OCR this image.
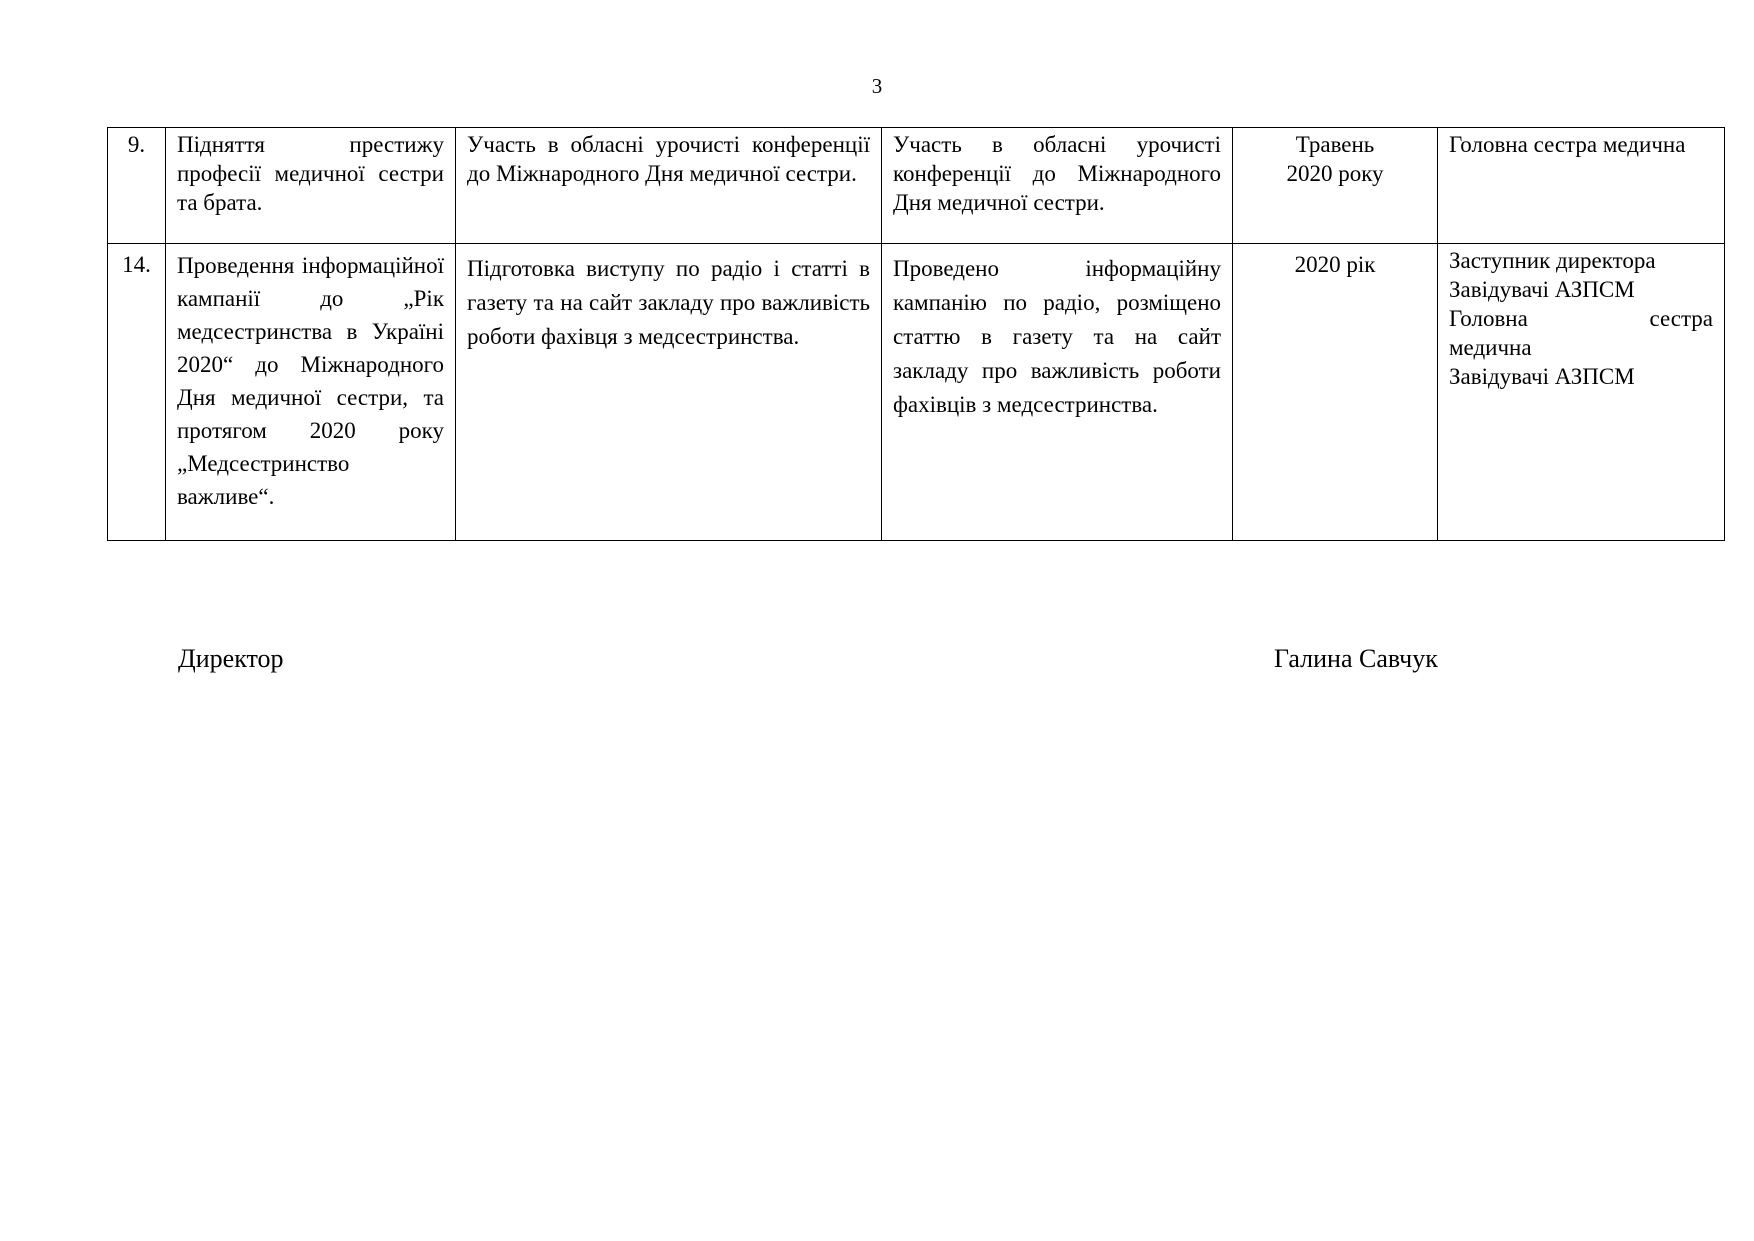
3
9.	Підняття престижу професії медичної сестри та брата.	Участь в обласні урочисті конференції до Міжнародного Дня медичної сестри.	Участь в обласні урочисті конференції до Міжнародного Дня медичної сестри.	Травень 2020 року	Головна сестра медична

14.	Проведення інформаційної кампанії до „Рік медсестринства в Україні 2020“ до Міжнародного Дня медичної сестри, та протягом 2020 року „Медсестринство важливе“.	Підготовка виступу по радіо і статті в газету та на сайт закладу про важливість роботи фахівця з медсестринства.	Проведено інформаційну кампанію по радіо, розміщено статтю в газету та на сайт закладу про важливість роботи фахівців з медсестринства.	2020 рік	Заступник директора
Завідувачі АЗПСМ
Головна сестра
медична
Завідувачі АЗПСМ
Директор	Галина Савчук
